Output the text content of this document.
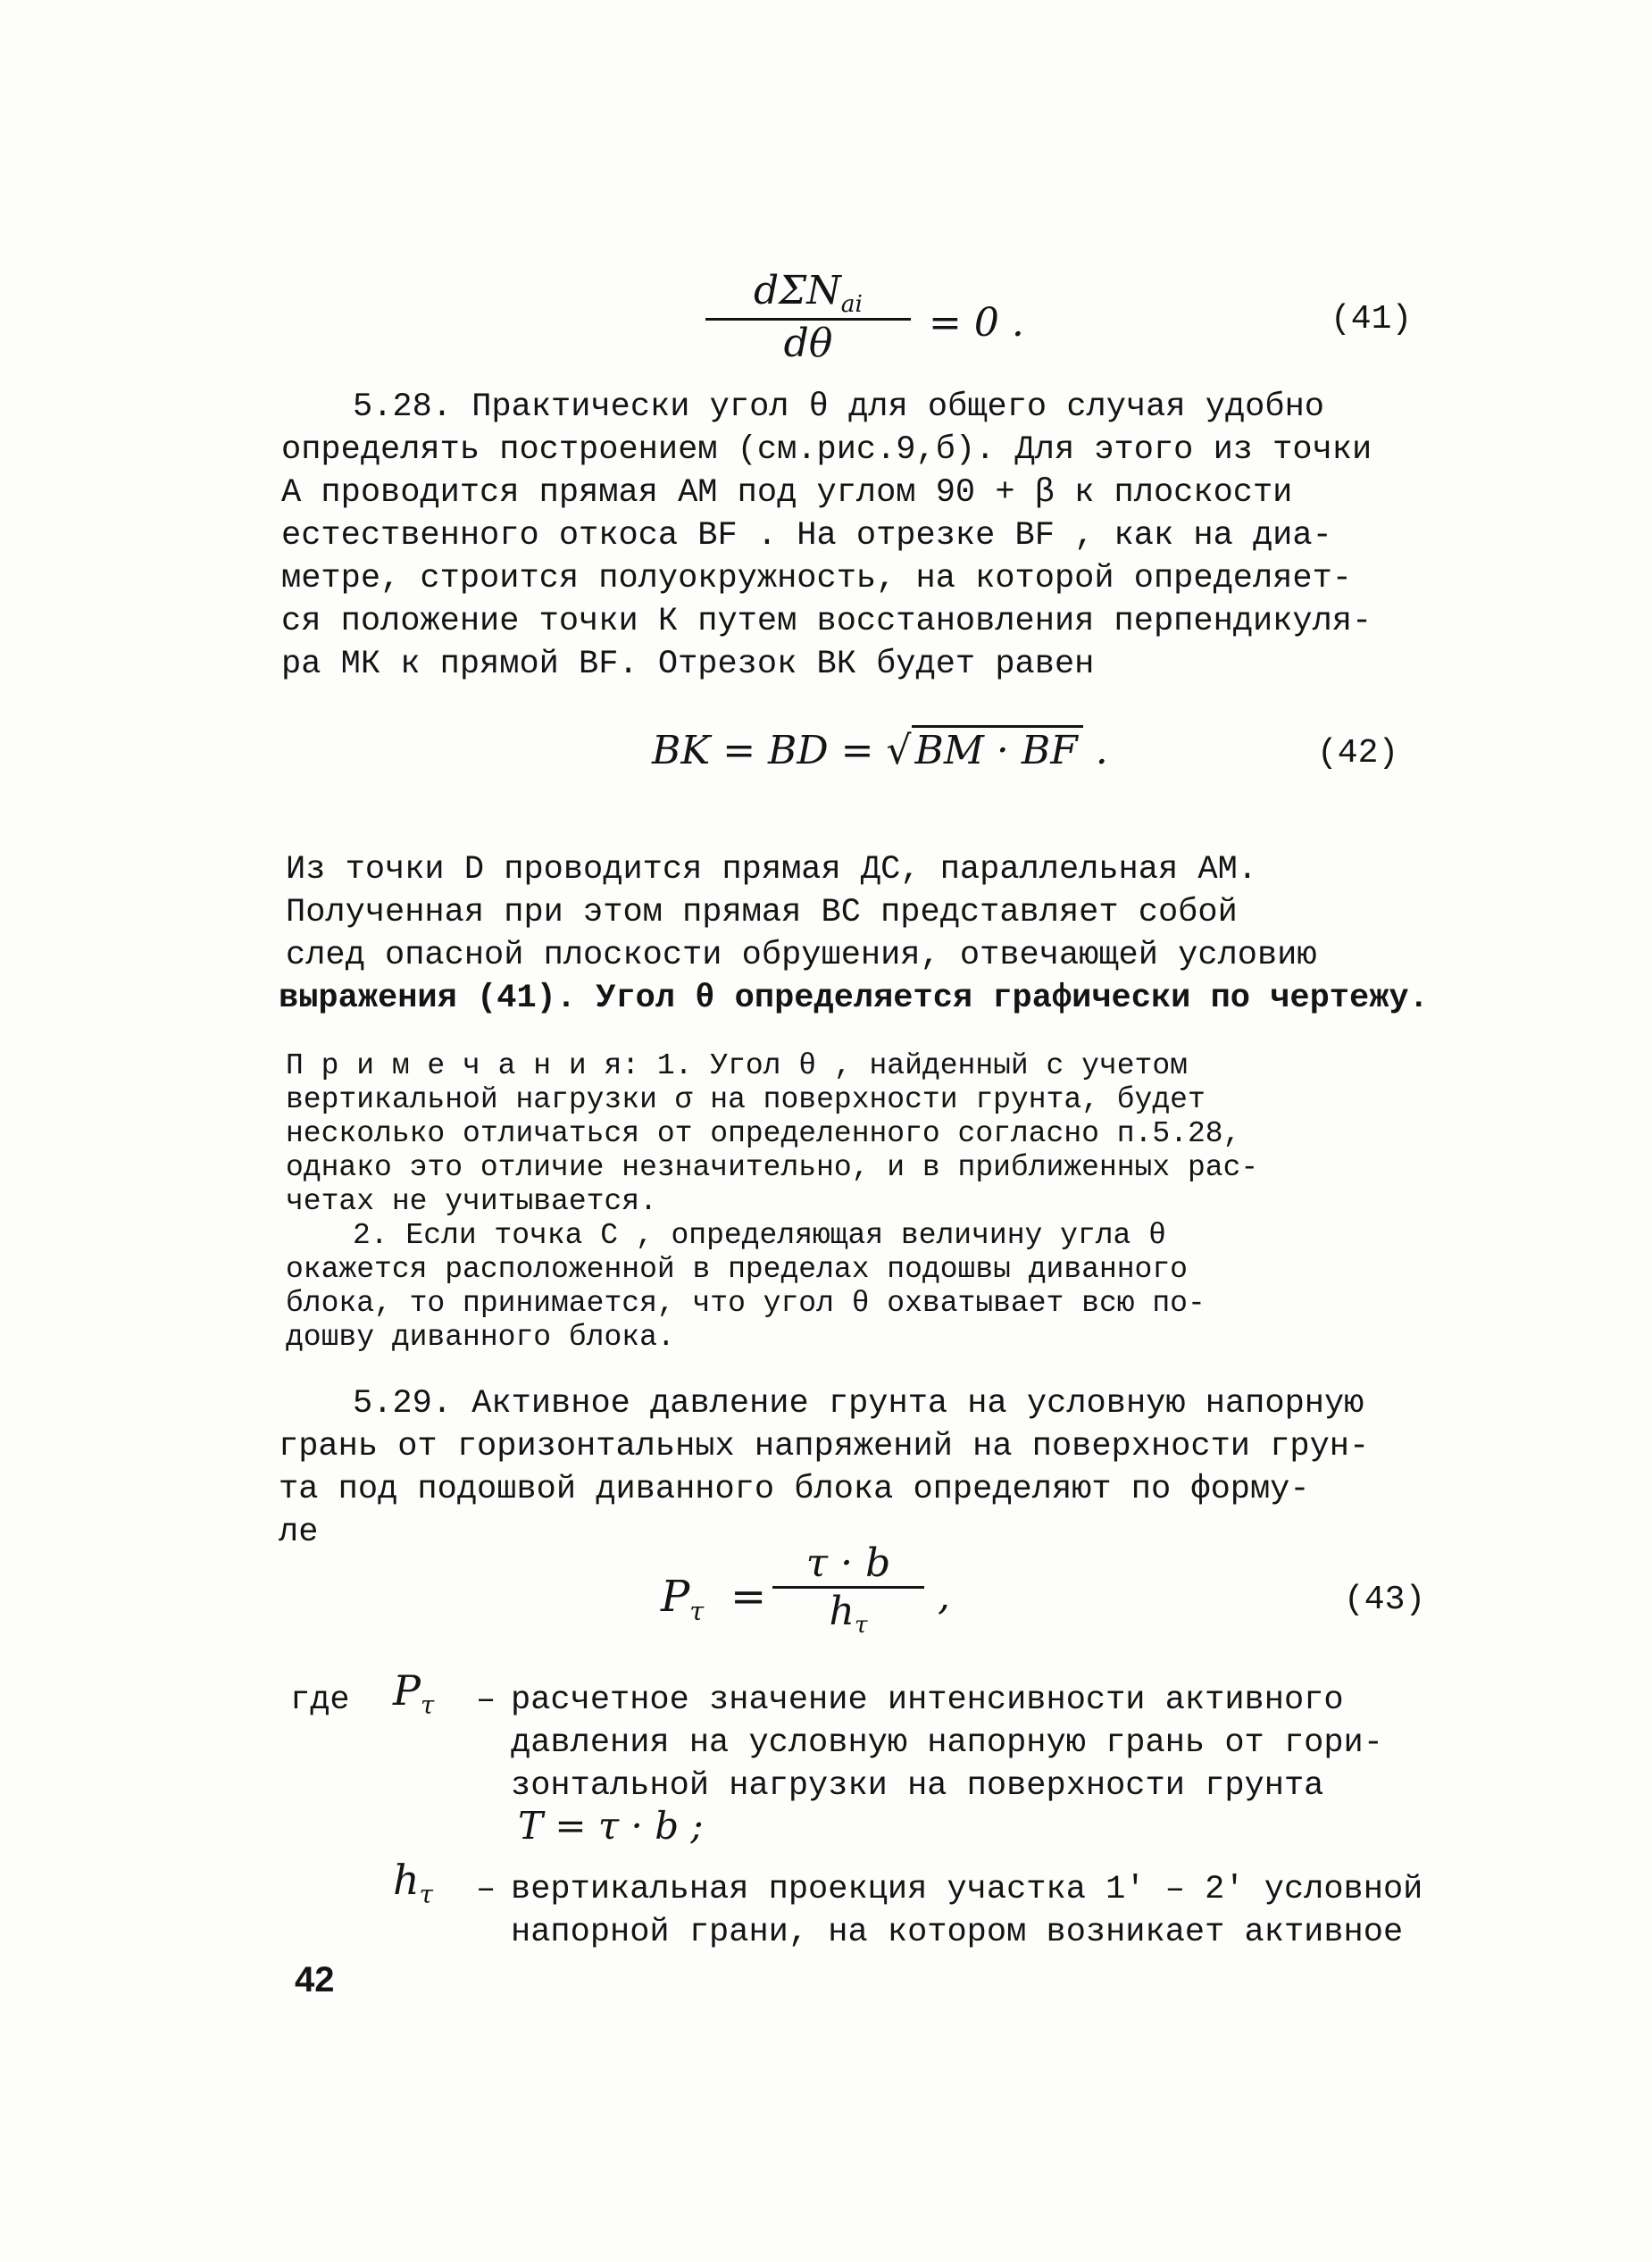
dΣN$_{ai}$
dθ	= 0 .	(41)
5.28. Практически угол θ для общего случая удобно
определять построением (см.рис.9,б). Для этого из точки
А проводится прямая АМ под углом 90 + β к плоскости
естественного откоса BF . На отрезке BF , как на диа-
метре, строится полуокружность, на которой определяет-
ся положение точки К путем восстановления перпендикуля-
ра МК к прямой BF. Отрезок ВК будет равен
BK = BD = √BM · BF .	(42)
Из точки D проводится прямая ДС, параллельная АМ.
Полученная при этом прямая ВС представляет собой
след опасной плоскости обрушения, отвечающей условию
выражения (41). Угол θ определяется графически по чертежу.
П р и м е ч а н и я: 1. Угол θ , найденный с учетом
вертикальной нагрузки σ на поверхности грунта, будет
несколько отличаться от определенного согласно п.5.28,
однако это отличие незначительно, и в приближенных рас-
четах не учитывается.
2. Если точка С , определяющая величину угла θ
окажется расположенной в пределах подошвы диванного
блока, то принимается, что угол θ охватывает всю по-
дошву диванного блока.
5.29. Активное давление грунта на условную напорную
грань от горизонтальных напряжений на поверхности грун-
та под подошвой диванного блока определяют по форму-
ле
$P_\tau$ =
τ · b
$h_\tau$
,	(43)
где $P_\tau$ – расчетное значение интенсивности активного
давления на условную напорную грань от гори-
зонтальной нагрузки на поверхности грунта
T = τ · b ;
$h_\tau$ – вертикальная проекция участка 1′ – 2′ условной
напорной грани, на котором возникает активное
42
